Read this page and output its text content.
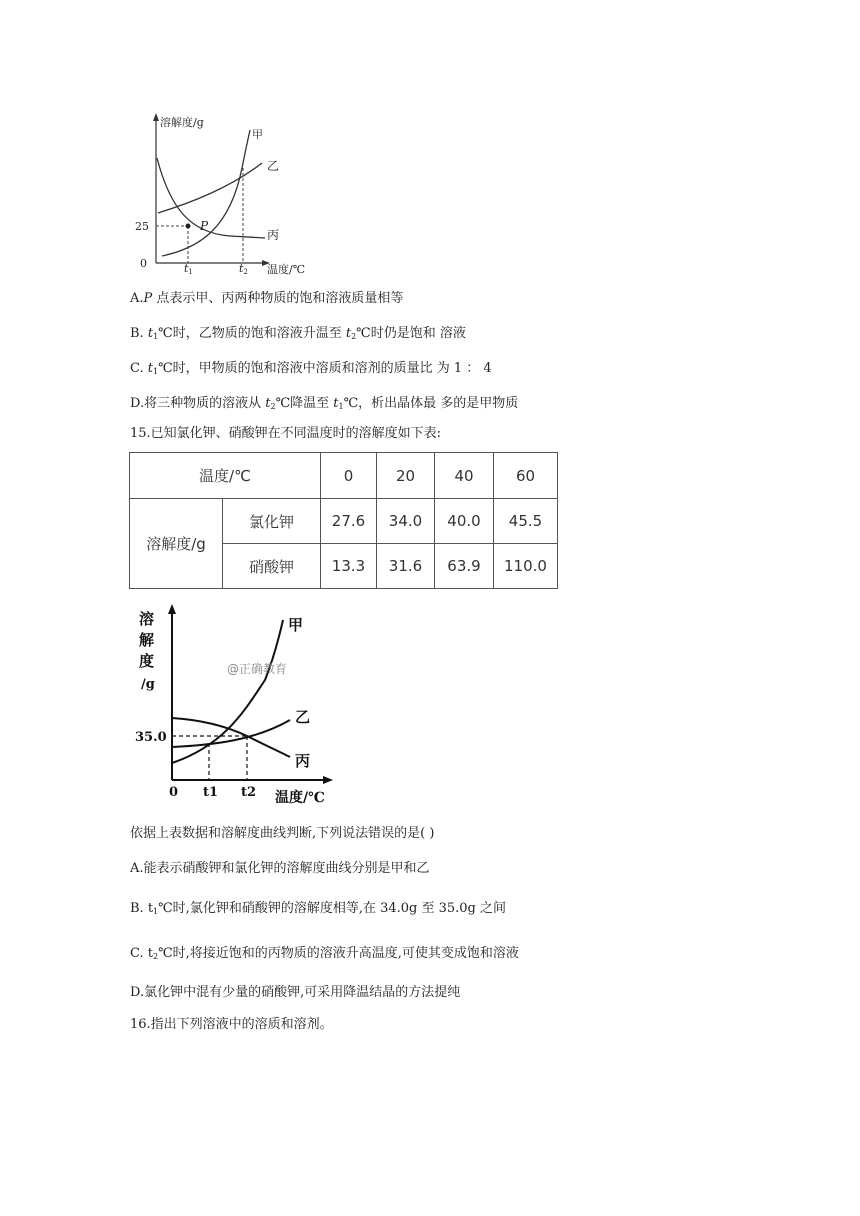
溶解度/g
甲
乙
丙
25	P
0	t1	t2 温度/℃
A.P 点表示甲、丙两种物质的饱和溶液质量相等
B. $t_1℃$时，乙物质的饱和溶液升温至 $t_2℃$时仍是饱和 溶液
C. $t_1℃$时，甲物质的饱和溶液中溶质和溶剂的质量比 为 1 ： 4
D.将三种物质的溶液从 $t_2℃$降温至 $t_1℃$，析出晶体最 多的是甲物质
15.已知氯化钾、硝酸钾在不同温度时的溶解度如下表:
温度/℃		0	20	40	60
溶解度/g	氯化钾	27.6	34.0	40.0	45.5
	硝酸钾	13.3	31.6	63.9	110.0
溶
解
度
/g
@正确教育
35.0
0 t1 t2 温度/℃
甲
乙
丙
依据上表数据和溶解度曲线判断,下列说法错误的是( )
A.能表示硝酸钾和氯化钾的溶解度曲线分别是甲和乙
B. $t_1℃$时,氯化钾和硝酸钾的溶解度相等,在 34.0g 至 35.0g 之间
C. $t_2℃$时,将接近饱和的丙物质的溶液升高温度,可使其变成饱和溶液
D.氯化钾中混有少量的硝酸钾,可采用降温结晶的方法提纯
16.指出下列溶液中的溶质和溶剂。
